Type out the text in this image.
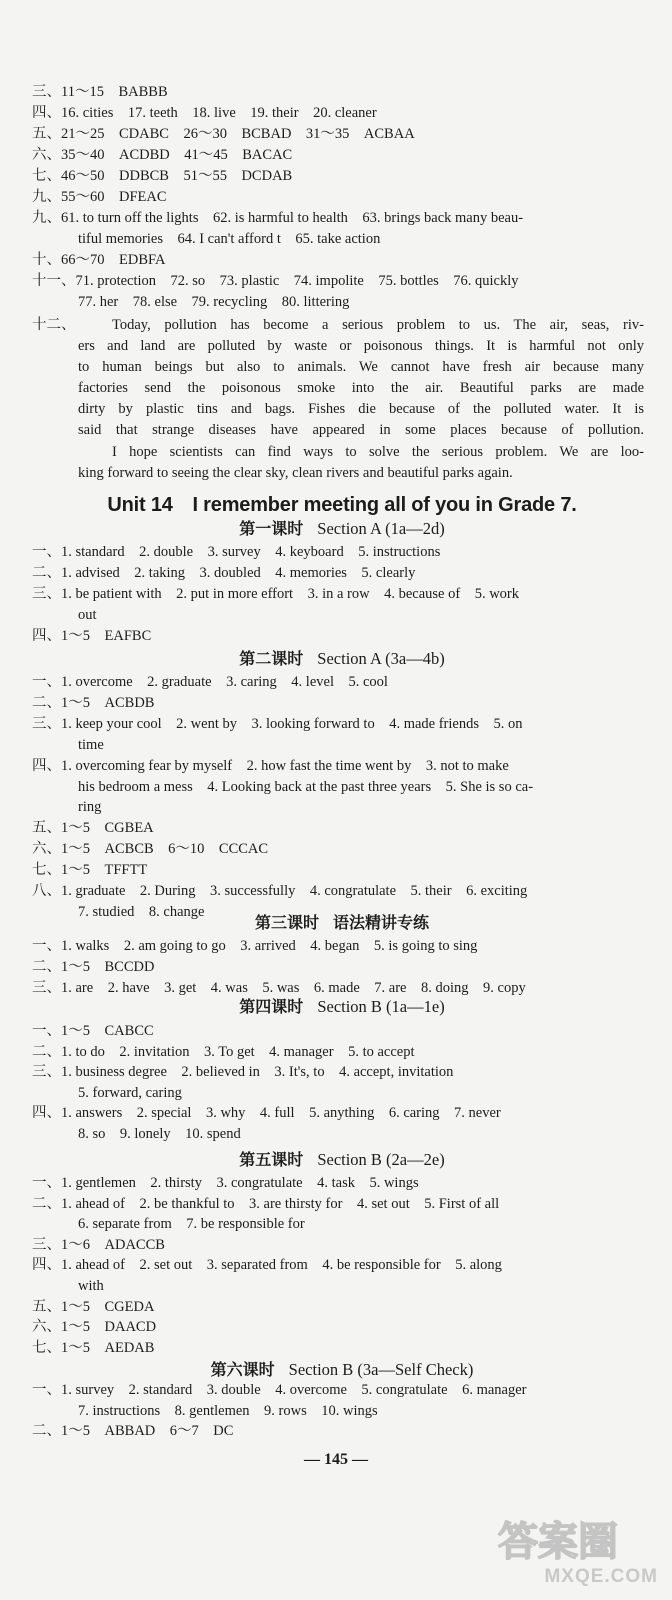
三、11～15　BABBB
四、16. cities　17. teeth　18. live　19. their　20. cleaner
五、21～25　CDABC　26～30　BCBAD　31～35　ACBAA
六、35～40　ACDBD　41～45　BACAC
七、46～50　DDBCB　51～55　DCDAB
九、55～60　DFEAC
九、61. to turn off the lights　62. is harmful to health　63. brings back many beau-
tiful memories　64. I can't afford t　65. take action
十、66～70　EDBFA
十一、71. protection　72. so　73. plastic　74. impolite　75. bottles　76. quickly
77. her　78. else　79. recycling　80. littering
十二、	Today, pollution has become a serious problem to us. The air, seas, riv-
ers and land are polluted by waste or poisonous things. It is harmful not only
to human beings but also to animals. We cannot have fresh air because many
factories send the poisonous smoke into the air. Beautiful parks are made
dirty by plastic tins and bags. Fishes die because of the polluted water. It is
said that strange diseases have appeared in some places because of pollution.
I hope scientists can find ways to solve the serious problem. We are loo-
king forward to seeing the clear sky, clean rivers and beautiful parks again.
第一课时 Section A (1a—2d)
第二课时 Section A (3a—4b)
第三课时 语法精讲专练
第四课时 Section B (1a—1e)
第五课时 Section B (2a—2e)
第六课时 Section B (3a—Self Check)
一、1. standard　2. double　3. survey　4. keyboard　5. instructions
二、1. advised　2. taking　3. doubled　4. memories　5. clearly
三、1. be patient with　2. put in more effort　3. in a row　4. because of　5. work
out
四、1～5　EAFBC
一、1. overcome　2. graduate　3. caring　4. level　5. cool
二、1～5　ACBDB
三、1. keep your cool　2. went by　3. looking forward to　4. made friends　5. on
time
四、1. overcoming fear by myself　2. how fast the time went by　3. not to make
his bedroom a mess　4. Looking back at the past three years　5. She is so ca-
ring
五、1～5　CGBEA
六、1～5　ACBCB　6～10　CCCAC
七、1～5　TFFTT
八、1. graduate　2. During　3. successfully　4. congratulate　5. their　6. exciting
7. studied　8. change
一、1. walks　2. am going to go　3. arrived　4. began　5. is going to sing
二、1～5　BCCDD
三、1. are　2. have　3. get　4. was　5. was　6. made　7. are　8. doing　9. copy
一、1～5　CABCC
二、1. to do　2. invitation　3. To get　4. manager　5. to accept
三、1. business degree　2. believed in　3. It's, to　4. accept, invitation
5. forward, caring
四、1. answers　2. special　3. why　4. full　5. anything　6. caring　7. never
8. so　9. lonely　10. spend
一、1. gentlemen　2. thirsty　3. congratulate　4. task　5. wings
二、1. ahead of　2. be thankful to　3. are thirsty for　4. set out　5. First of all
6. separate from　7. be responsible for
三、1～6　ADACCB
四、1. ahead of　2. set out　3. separated from　4. be responsible for　5. along
with
五、1～5　CGEDA
六、1～5　DAACD
七、1～5　AEDAB
一、1. survey　2. standard　3. double　4. overcome　5. congratulate　6. manager
7. instructions　8. gentlemen　9. rows　10. wings
二、1～5　ABBAD　6～7　DC
Unit 14　I remember meeting all of you in Grade 7.
— 145 —
答案圈
MXQE.COM
